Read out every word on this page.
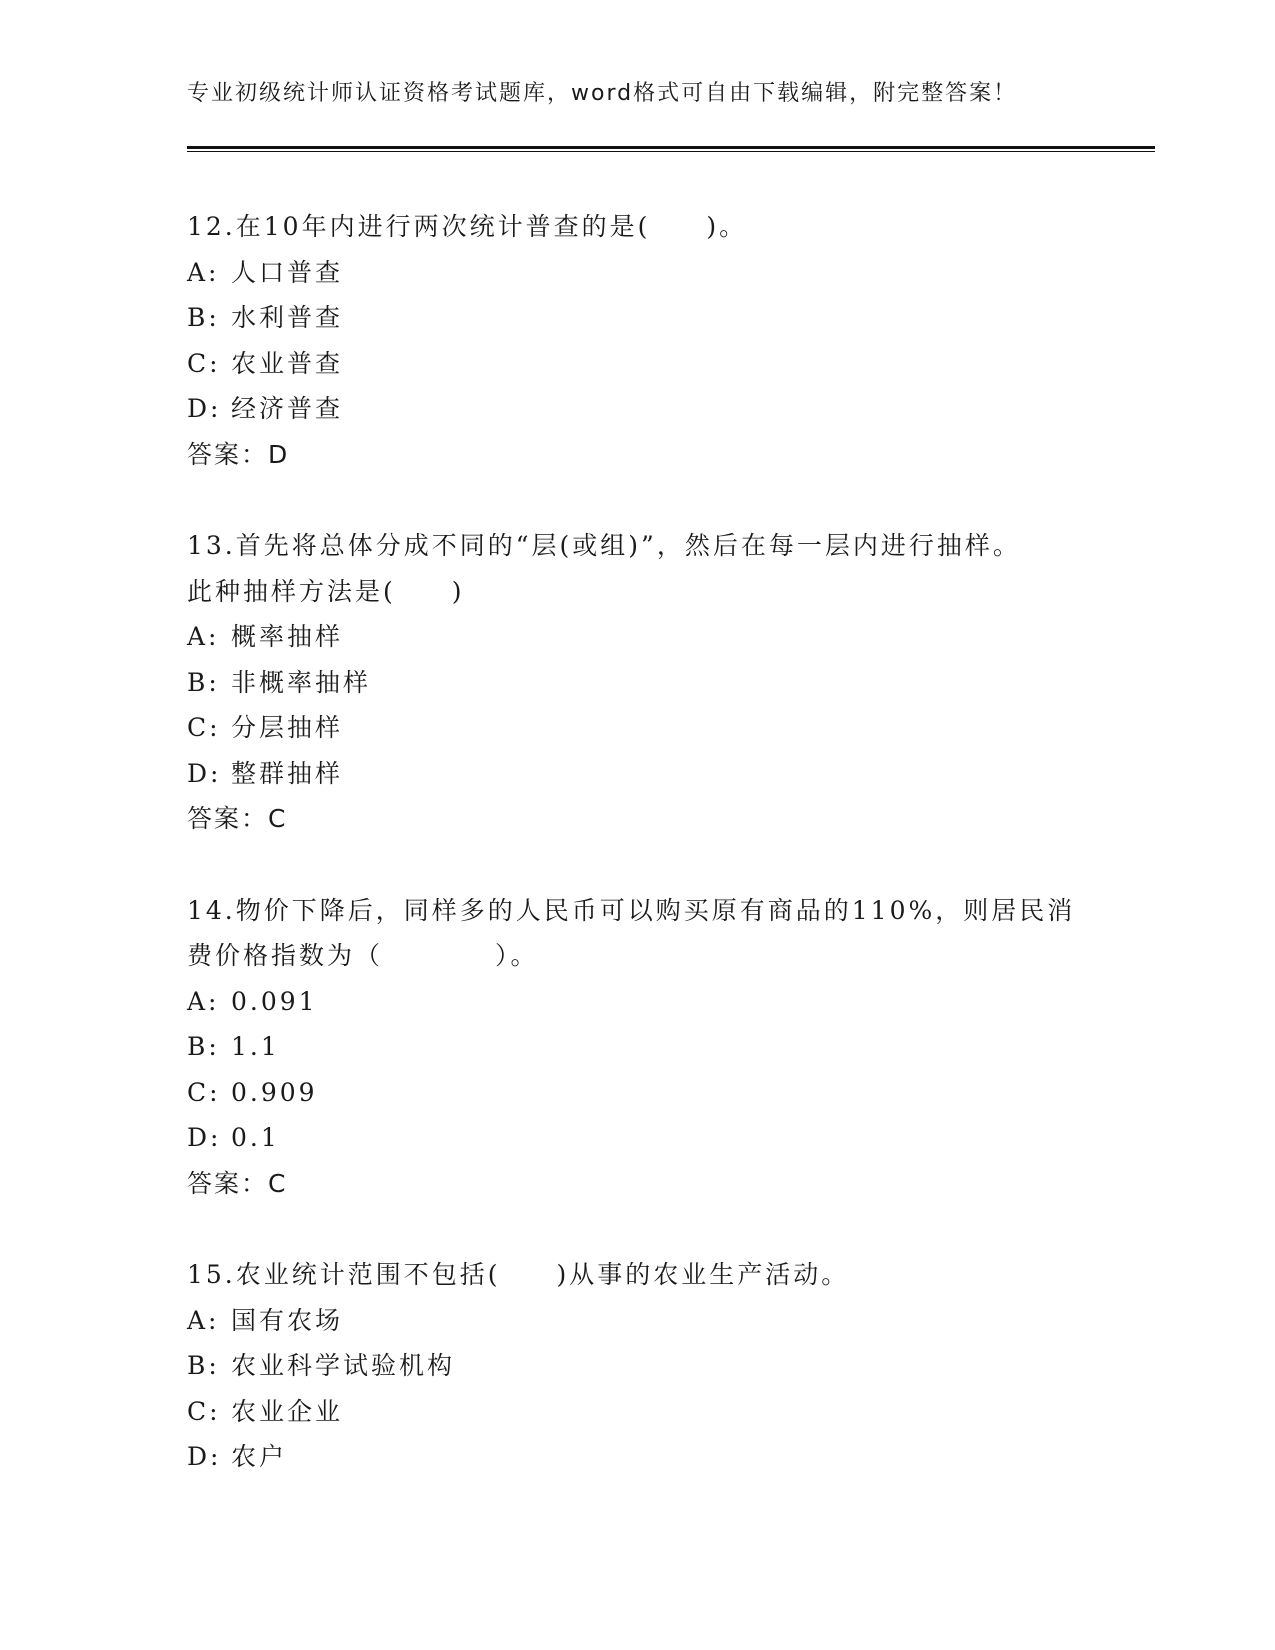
专业初级统计师认证资格考试题库，word格式可自由下载编辑，附完整答案！
12.在10年内进行两次统计普查的是(　　)。
A: 人口普查
B: 水利普查
C: 农业普查
D: 经济普查
答案：D
13.首先将总体分成不同的“层(或组)”，然后在每一层内进行抽样。
此种抽样方法是(　　)
A: 概率抽样
B: 非概率抽样
C: 分层抽样
D: 整群抽样
答案：C
14.物价下降后，同样多的人民币可以购买原有商品的110%，则居民消
费价格指数为（　　　　）。
A: 0.091
B: 1.1
C: 0.909
D: 0.1
答案：C
15.农业统计范围不包括(　　)从事的农业生产活动。
A: 国有农场
B: 农业科学试验机构
C: 农业企业
D: 农户
